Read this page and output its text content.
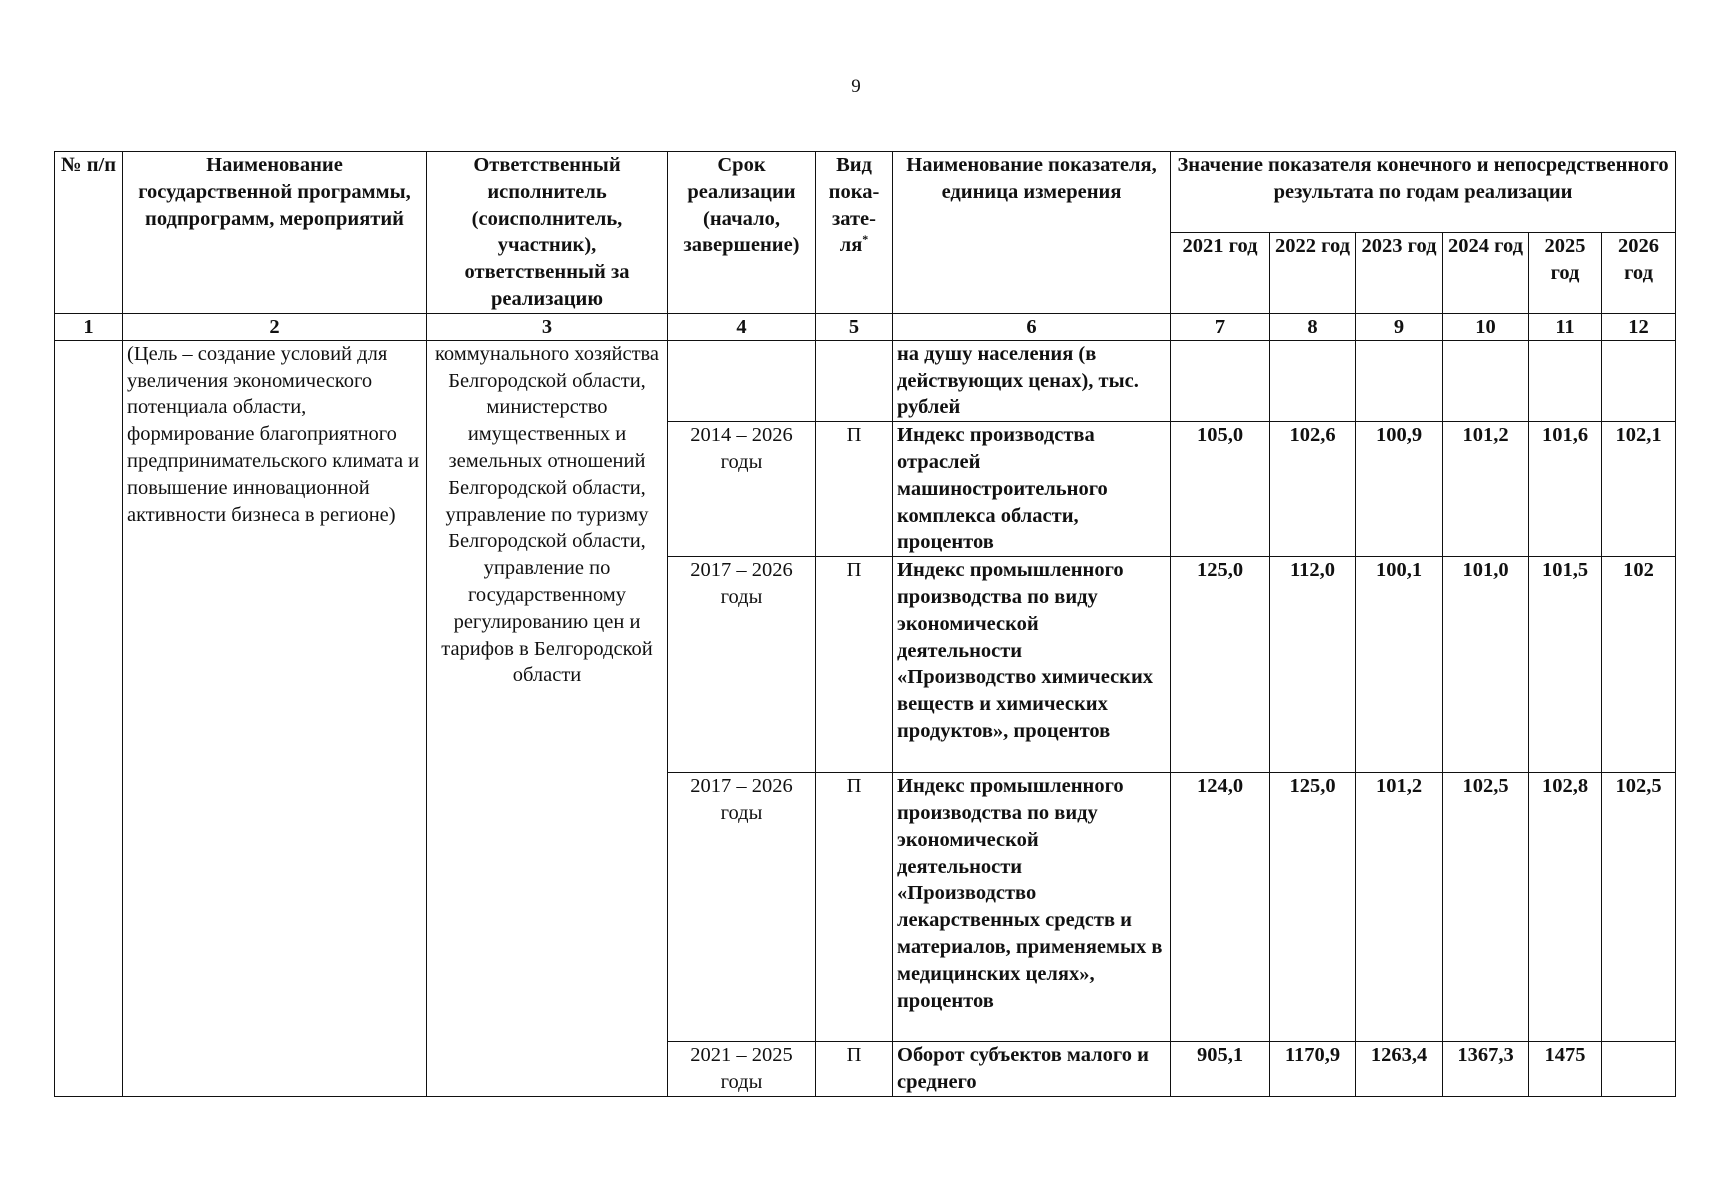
9
№ п/п	Наименование государственной программы, подпрограмм, мероприятий	Ответственный исполнитель (соисполнитель, участник), ответственный за реализацию	Срок реализации (начало, завершение)	Вид пока- зате- ля*	Наименование показателя, единица измерения	Значение показателя конечного и непосредственного результата по годам реализации					
						2021 год	2022 год	2023 год	2024 год	2025 год	2026 год
1	2	3	4	5	6	7	8	9	10	11	12
	(Цель – создание условий для увеличения экономического потенциала области, формирование благоприятного предпринимательского климата и повышение инновационной активности бизнеса в регионе)	коммунального хозяйства Белгородской области, министерство имущественных и земельных отношений Белгородской области, управление по туризму Белгородской области, управление по государственному регулированию цен и тарифов в Белгородской области			на душу населения (в действующих ценах), тыс. рублей						
			2014 – 2026 годы	П	Индекс производства отраслей машиностроительного комплекса области, процентов	105,0	102,6	100,9	101,2	101,6	102,1
			2017 – 2026 годы	П	Индекс промышленного производства по виду экономической деятельности «Производство химических веществ и химических продуктов», процентов	125,0	112,0	100,1	101,0	101,5	102
			2017 – 2026 годы	П	Индекс промышленного производства по виду экономической деятельности «Производство лекарственных средств и материалов, применяемых в медицинских целях», процентов	124,0	125,0	101,2	102,5	102,8	102,5
			2021 – 2025 годы	П	Оборот субъектов малого и среднего	905,1	1170,9	1263,4	1367,3	1475	
